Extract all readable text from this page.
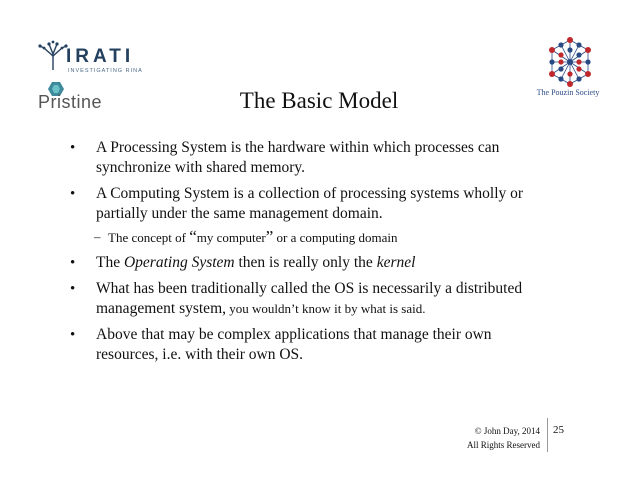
IRATI
INVESTIGATING RINA
Pristine	The Pouzin Society
The Basic Model
• A Processing System is the hardware within which processes can
synchronize with shared memory.
• A Computing System is a collection of processing systems wholly or
partially under the same management domain.
– The concept of “my computer” or a computing domain
• The Operating System then is really only the kernel
• What has been traditionally called the OS is necessarily a distributed
management system, you wouldn’t know it by what is said.
• Above that may be complex applications that manage their own
resources, i.e. with their own OS.
© John Day, 2014
All Rights Reserved
25
